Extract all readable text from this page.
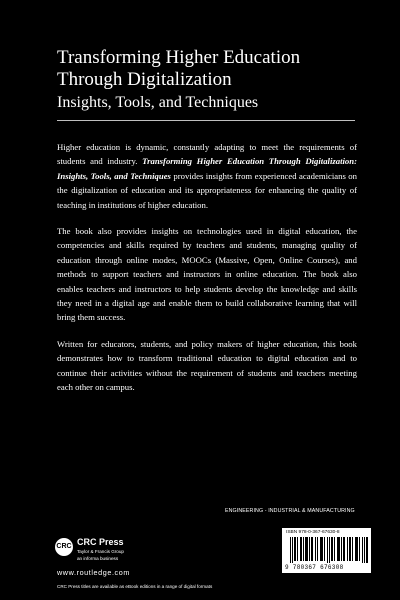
Transforming Higher Education
Through Digitalization
Insights, Tools, and Techniques

Higher education is dynamic, constantly adapting to meet the requirements of students and industry. Transforming Higher Education Through Digitalization: Insights, Tools, and Techniques provides insights from experienced academicians on the digitalization of education and its appropriateness for enhancing the quality of teaching in institutions of higher education.

The book also provides insights on technologies used in digital education, the competencies and skills required by teachers and students, managing quality of education through online modes, MOOCs (Massive, Open, Online Courses), and methods to support teachers and instructors in online education. The book also enables teachers and instructors to help students develop the knowledge and skills they need in a digital age and enable them to build collaborative learning that will bring them success.

Written for educators, students, and policy makers of higher education, this book demonstrates how to transform traditional education to digital education and to continue their activities without the requirement of students and teachers meeting each other on campus.

ENGINEERING - INDUSTRIAL & MANUFACTURING
ISBN 978-0-367-67630-8
9 780367 676308
CRC CRC Press
Taylor & Francis Group
an informa business
www.routledge.com
CRC Press titles are available as eBook editions in a range of digital formats
